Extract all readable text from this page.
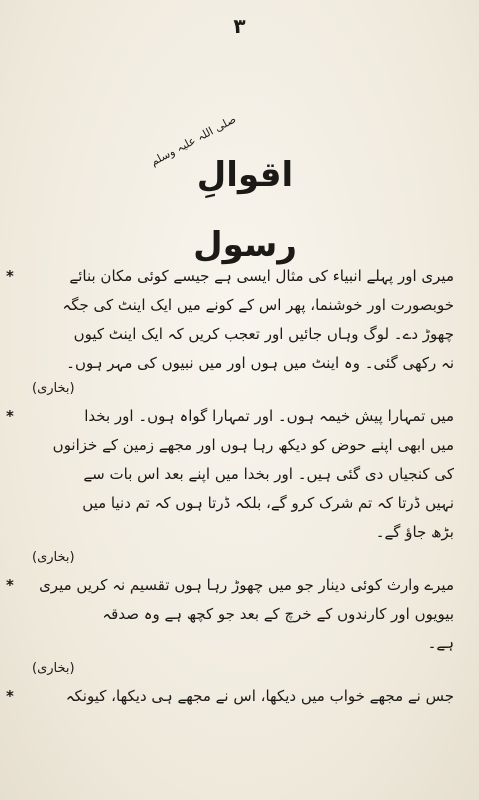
۳
صلی اللہ علیہ وسلم
اقوالِ رسول
*	میری اور پہلے انبیاء کی مثال ایسی ہے جیسے کوئی مکان بنائے
خوبصورت اور خوشنما، پھر اس کے کونے میں ایک اینٹ کی جگہ
چھوڑ دے۔ لوگ وہاں جائیں اور تعجب کریں کہ ایک اینٹ کیوں
نہ رکھی گئی۔ وہ اینٹ میں ہوں اور میں نبیوں کی مہر ہوں۔
(بخاری)
*	میں تمہارا پیش خیمہ ہوں۔ اور تمہارا گواہ ہوں۔ اور بخدا
میں ابھی اپنے حوض کو دیکھ رہا ہوں اور مجھے زمین کے خزانوں
کی کنجیاں دی گئی ہیں۔ اور بخدا میں اپنے بعد اس بات سے
نہیں ڈرتا کہ تم شرک کرو گے، بلکہ ڈرتا ہوں کہ تم دنیا میں
بڑھ جاؤ گے۔
(بخاری)
*	میرے وارث کوئی دینار جو میں چھوڑ رہا ہوں تقسیم نہ کریں میری
بیویوں اور کارندوں کے خرچ کے بعد جو کچھ ہے وہ صدقہ
ہے۔
(بخاری)
*	جس نے مجھے خواب میں دیکھا، اس نے مجھے ہی دیکھا، کیونکہ
